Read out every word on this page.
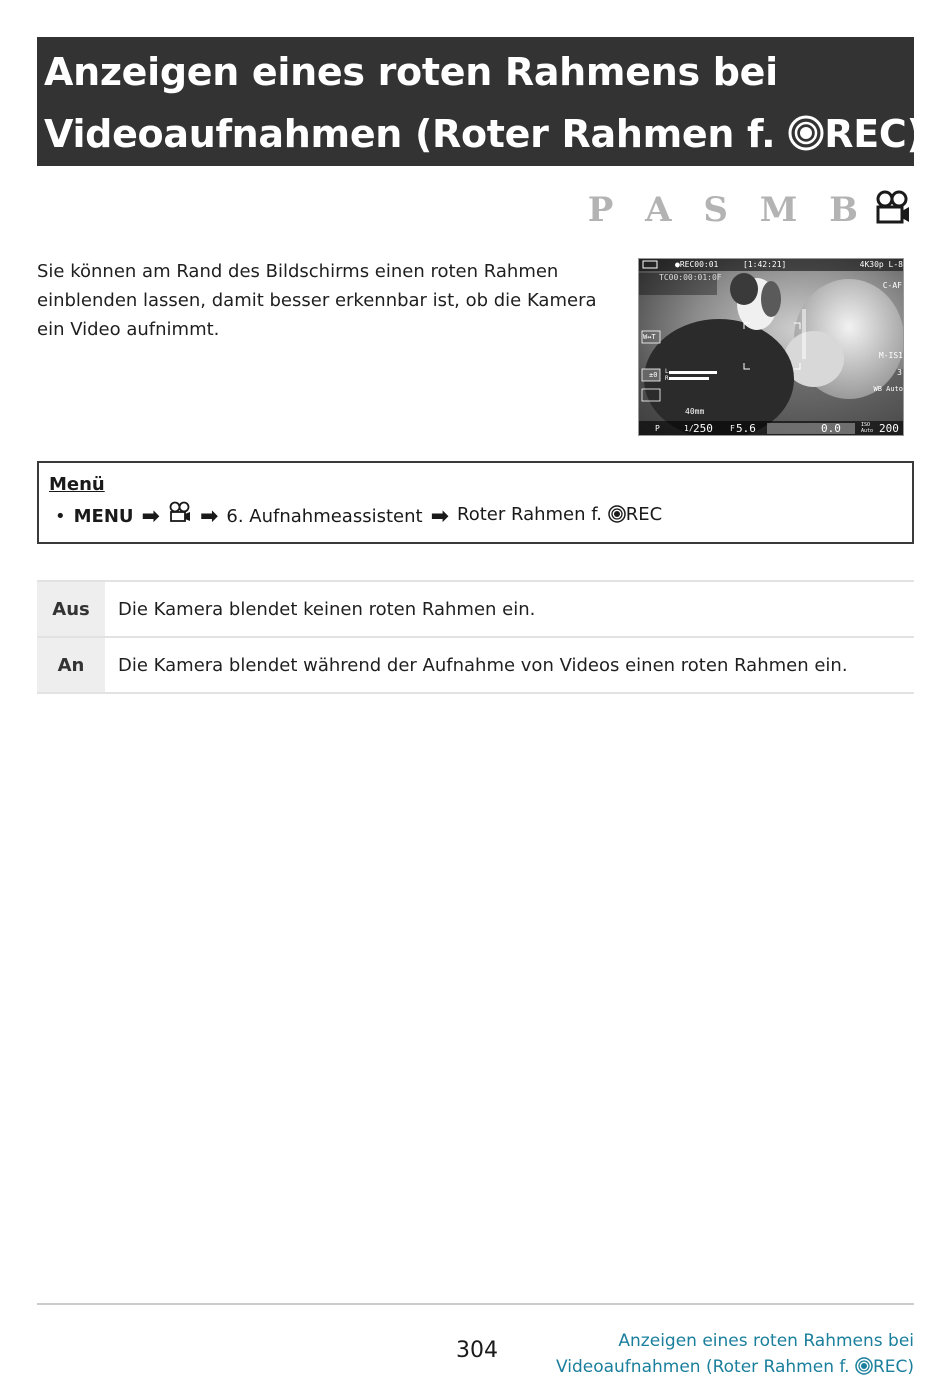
Anzeigen eines roten Rahmens bei
Videoaufnahmen (Roter Rahmen f. REC)
P A S M B
Sie können am Rand des Bildschirms einen roten Rahmen einblenden lassen, damit besser erkennbar ist, ob die Kamera ein Video aufnimmt.
●REC00:01	[1:42:21]	4K30p L-8
TC00:00:01:0F
C-AF
W↔T
±0 L
R
M-IS1
3
WB Auto
40mm
P	1/ 250 F 5.6	0.0	ISO Auto 200
Menü
• MENU ➡ ➡ 6. Aufnahmeassistent ➡ Roter Rahmen f. REC
Aus	Die Kamera blendet keinen roten Rahmen ein.
An	Die Kamera blendet während der Aufnahme von Videos einen roten Rahmen ein.
304	Anzeigen eines roten Rahmens bei
Videoaufnahmen (Roter Rahmen f. REC)
